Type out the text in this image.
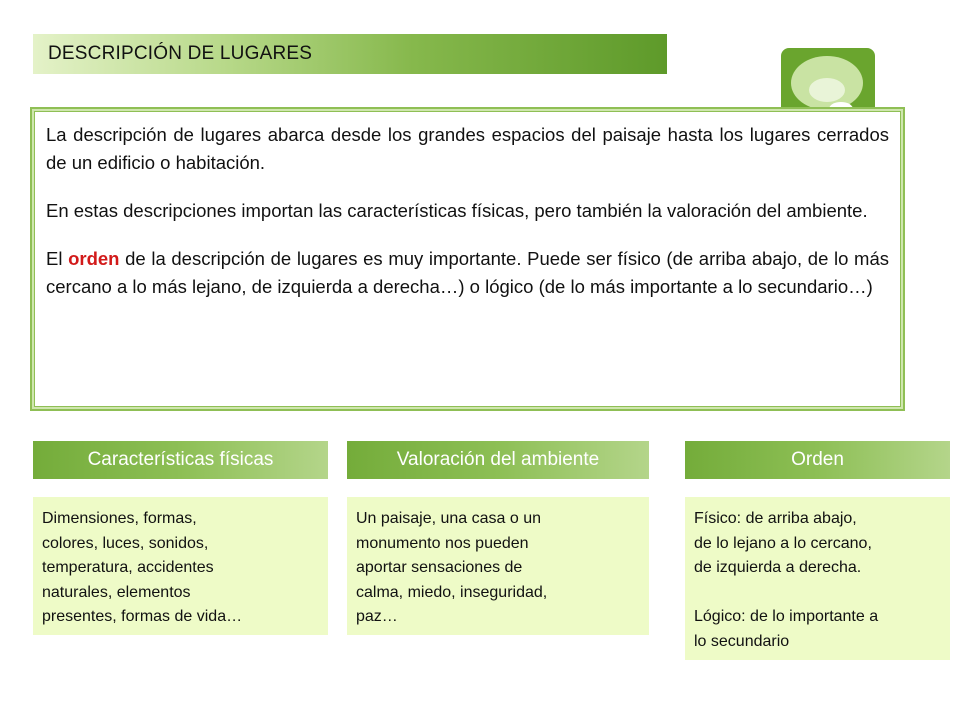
DESCRIPCIÓN DE LUGARES

La descripción de lugares abarca desde los grandes espacios del paisaje hasta los lugares cerrados de un edificio o habitación.

En estas descripciones importan las características físicas, pero también la valoración del ambiente.

El orden de la descripción de lugares es muy importante. Puede ser físico (de arriba abajo, de lo más cercano a lo más lejano, de izquierda a derecha…) o lógico (de lo más importante a lo secundario…)

Características físicas
Dimensiones, formas,
colores, luces, sonidos,
temperatura, accidentes
naturales, elementos
presentes, formas de vida…
Valoración del ambiente
Un paisaje, una casa o un
monumento nos pueden
aportar sensaciones de
calma, miedo, inseguridad,
paz…
Orden
Físico: de arriba abajo,
de lo lejano a lo cercano,
de izquierda a derecha.
Lógico: de lo importante a
lo secundario
